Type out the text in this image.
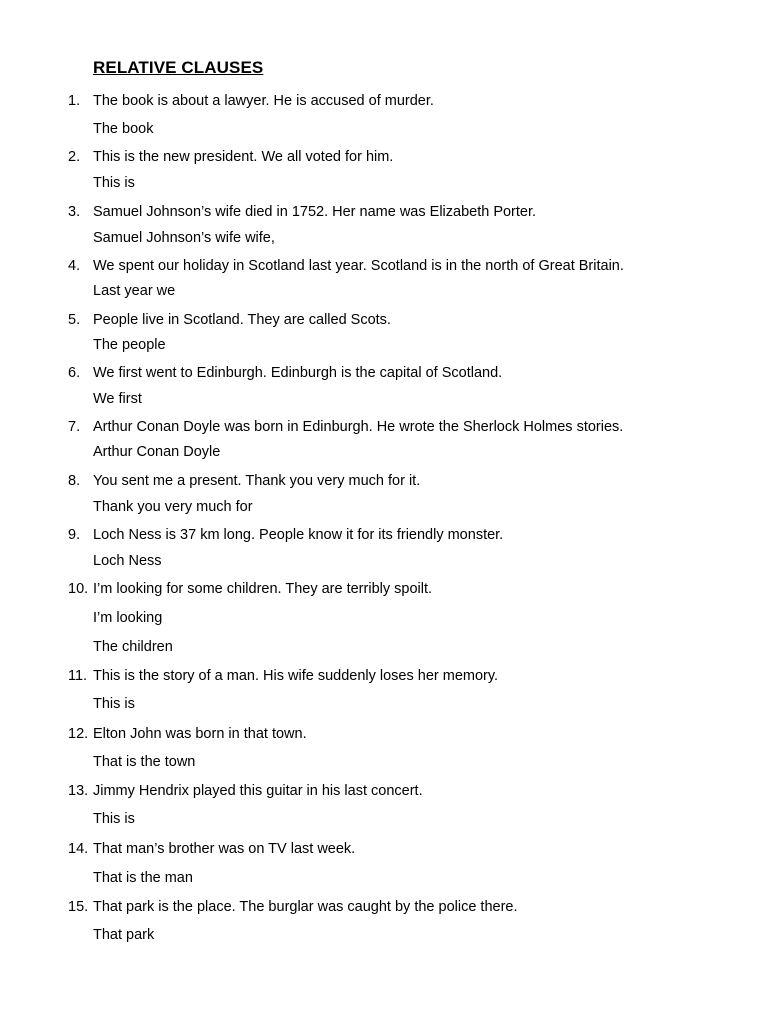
RELATIVE CLAUSES
1. The book is about a lawyer. He is accused of murder.
The book
2. This is the new president. We all voted for him.
This is
3. Samuel Johnson’s wife died in 1752. Her name was Elizabeth Porter.
Samuel Johnson’s wife wife,
4. We spent our holiday in Scotland last year. Scotland is in the north of Great Britain.
Last year we
5. People live in Scotland. They are called Scots.
The people
6. We first went to Edinburgh. Edinburgh is the capital of Scotland.
We first
7. Arthur Conan Doyle was born in Edinburgh. He wrote the Sherlock Holmes stories.
Arthur Conan Doyle
8. You sent me a present. Thank you very much for it.
Thank you very much for
9. Loch Ness is 37 km long. People know it for its friendly monster.
Loch Ness
10. I’m looking for some children. They are terribly spoilt.
I’m looking
The children
11. This is the story of a man. His wife suddenly loses her memory.
This is
12. Elton John was born in that town.
That is the town
13. Jimmy Hendrix played this guitar in his last concert.
This is
14. That man’s brother was on TV last week.
That is the man
15. That park is the place. The burglar was caught by the police there.
That park
